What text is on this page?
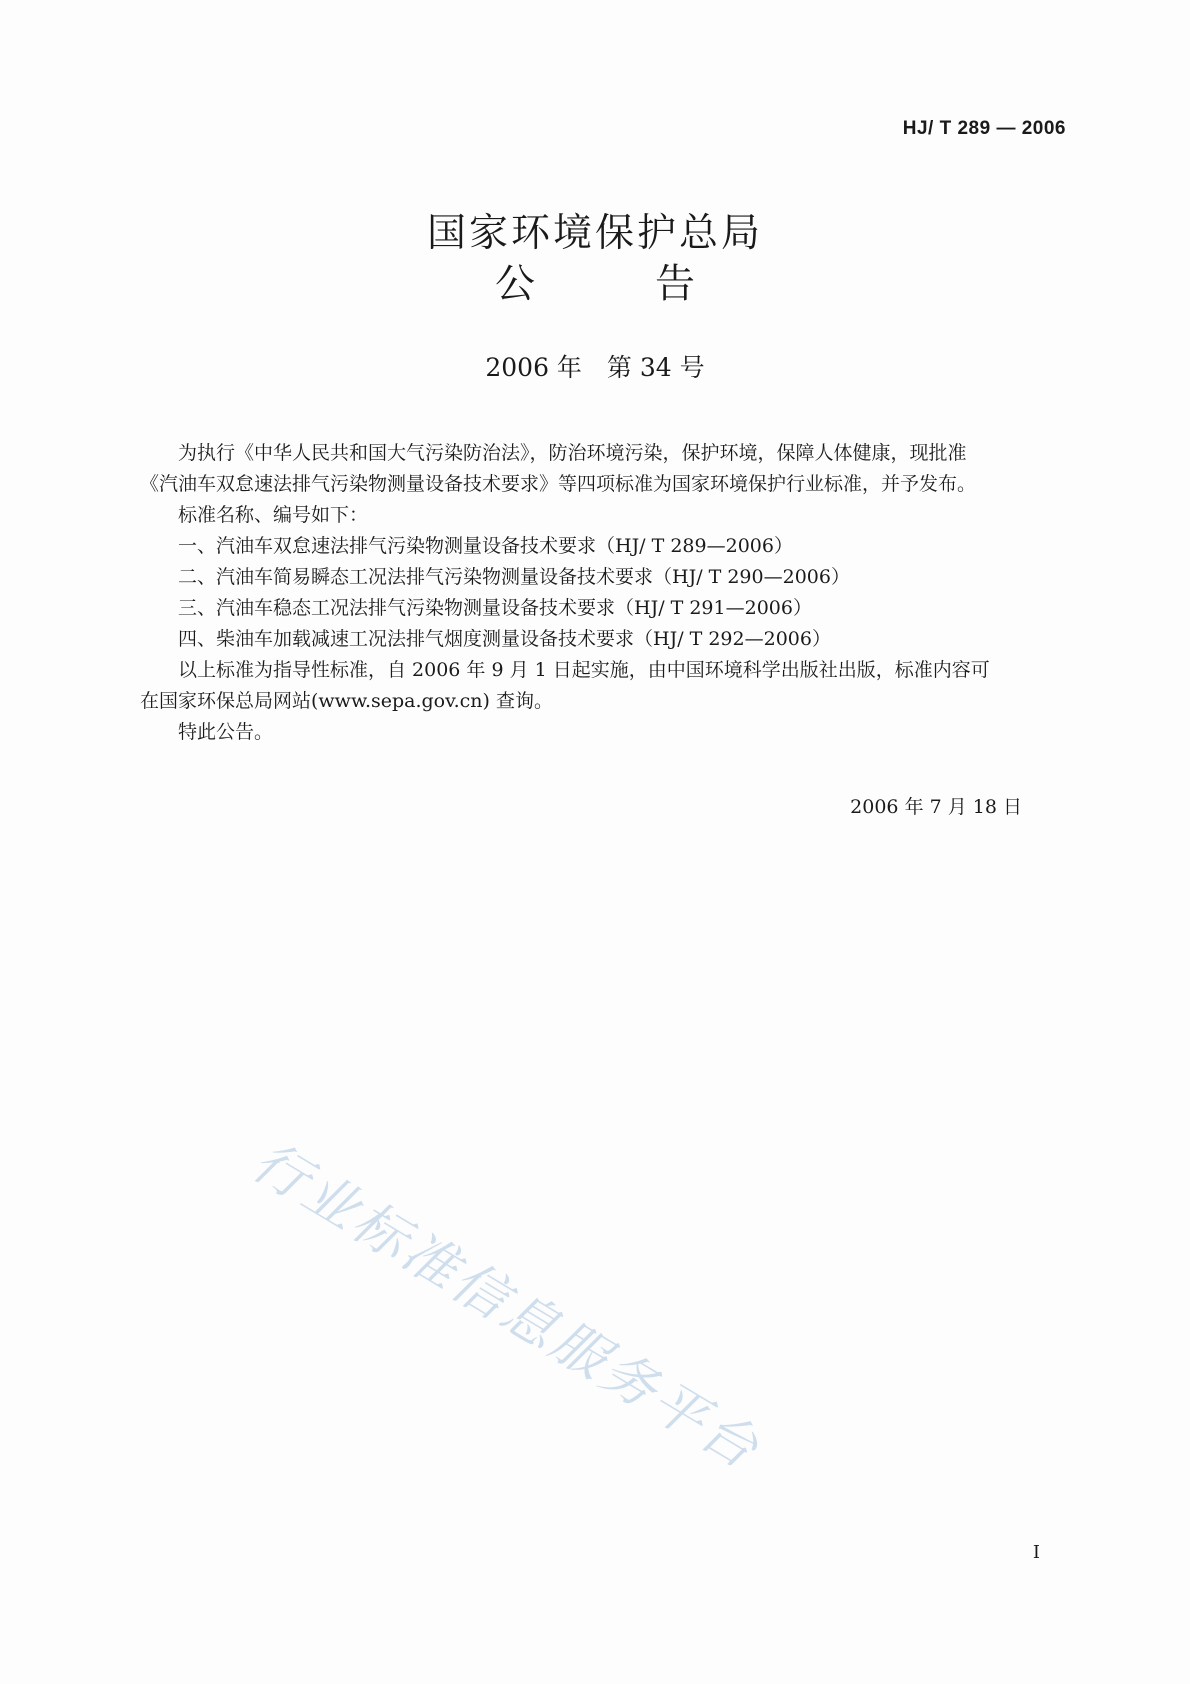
HJ/ T 289 — 2006
国家环境保护总局
公	告
2006 年　第 34 号

为执行《中华人民共和国大气污染防治法》，防治环境污染，保护环境，保障人体健康，现批准

《汽油车双怠速法排气污染物测量设备技术要求》等四项标准为国家环境保护行业标准，并予发布。

标准名称、编号如下：

一、汽油车双怠速法排气污染物测量设备技术要求（HJ/ T 289—2006）

二、汽油车简易瞬态工况法排气污染物测量设备技术要求（HJ/ T 290—2006）

三、汽油车稳态工况法排气污染物测量设备技术要求（HJ/ T 291—2006）

四、柴油车加载减速工况法排气烟度测量设备技术要求（HJ/ T 292—2006）

以上标准为指导性标准，自 2006 年 9 月 1 日起实施，由中国环境科学出版社出版，标准内容可

在国家环保总局网站(www.sepa.gov.cn) 查询。

特此公告。

2006 年 7 月 18 日
行业标准信息服务平台
I
